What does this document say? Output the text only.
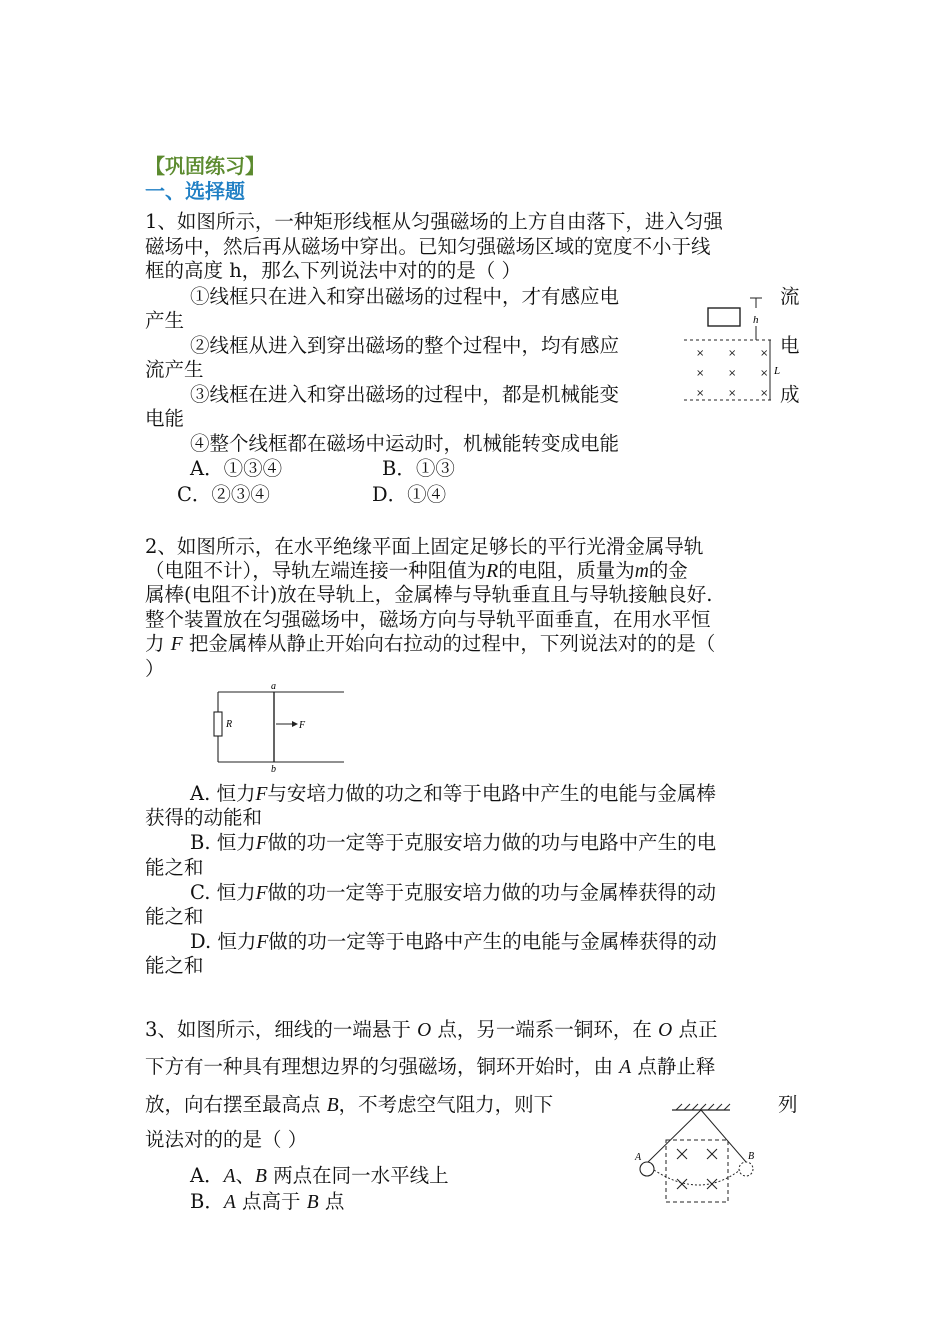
【巩固练习】
一、选择题
1、如图所示，一种矩形线框从匀强磁场的上方自由落下，进入匀强
磁场中，然后再从磁场中穿出。已知匀强磁场区域的宽度不小于线
框的高度 h，那么下列说法中对的的是（ ）
①线框只在进入和穿出磁场的过程中，才有感应电	流
产生
②线框从进入到穿出磁场的整个过程中，均有感应	电
流产生
③线框在进入和穿出磁场的过程中，都是机械能变	成
电能
④整个线框都在磁场中运动时，机械能转变成电能
A．①③④	B．①③
C．②③④	D．①④
h
L
× × ×
× × ×
× × ×
2、如图所示，在水平绝缘平面上固定足够长的平行光滑金属导轨
（电阻不计），导轨左端连接一种阻值为R的电阻，质量为m的金
属棒(电阻不计)放在导轨上，金属棒与导轨垂直且与导轨接触良好.
整个装置放在匀强磁场中，磁场方向与导轨平面垂直，在用水平恒
力 F 把金属棒从静止开始向右拉动的过程中，下列说法对的的是（
）
R
a
b
F
A. 恒力F与安培力做的功之和等于电路中产生的电能与金属棒
获得的动能和
B. 恒力F做的功一定等于克服安培力做的功与电路中产生的电
能之和
C. 恒力F做的功一定等于克服安培力做的功与金属棒获得的动
能之和
D. 恒力F做的功一定等于电路中产生的电能与金属棒获得的动
能之和
3、如图所示，细线的一端悬于 O 点，另一端系一铜环，在 O 点正
下方有一种具有理想边界的匀强磁场，铜环开始时，由 A 点静止释
放，向右摆至最高点 B，不考虑空气阻力，则下	列
说法对的的是（ ）
A．A、B 两点在同一水平线上
B．A 点高于 B 点
A	B
